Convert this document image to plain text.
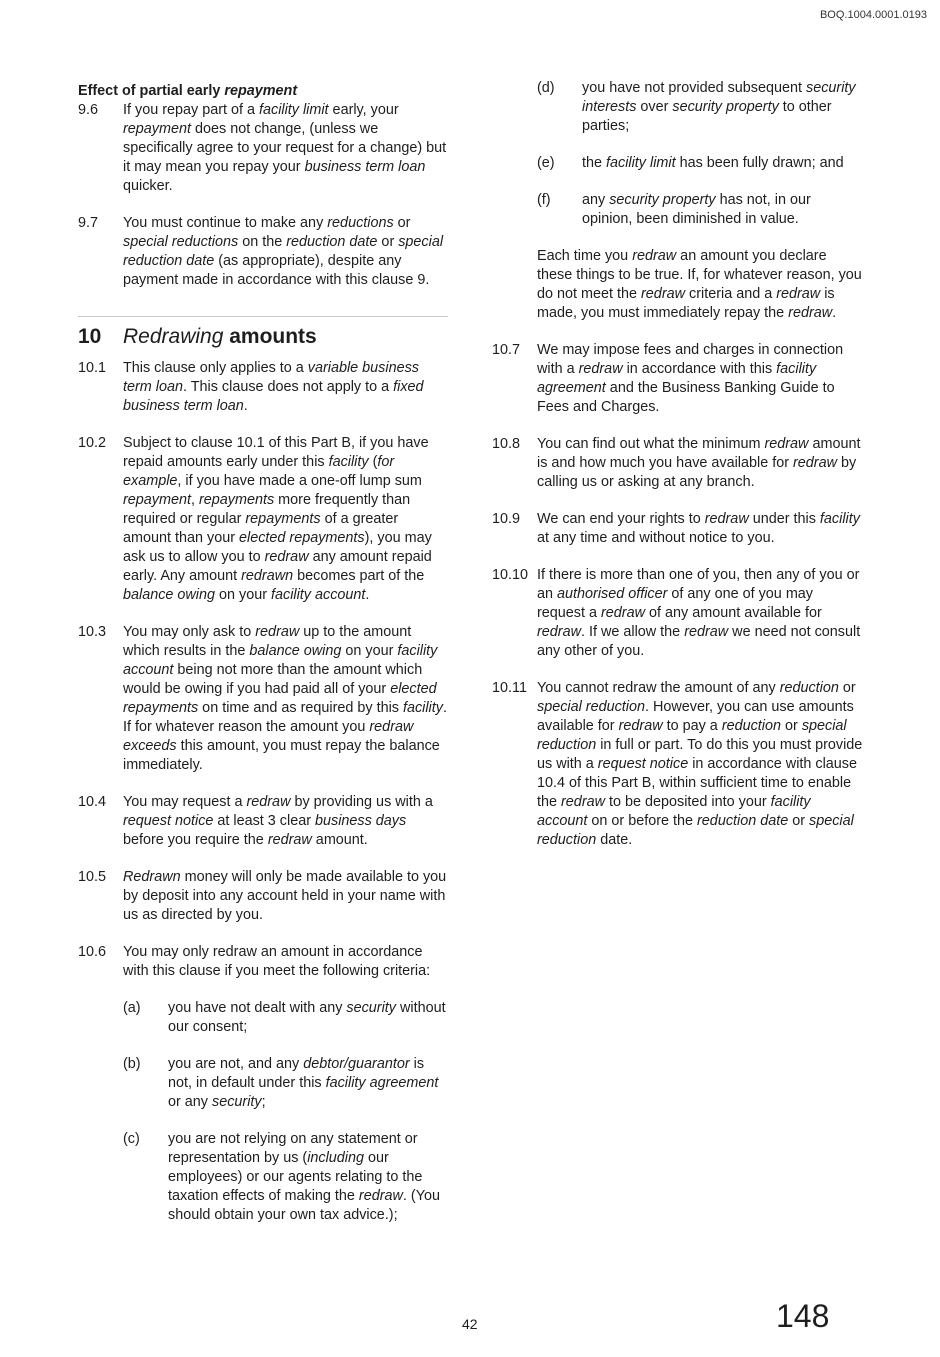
BOQ.1004.0001.0193

Effect of partial early repayment

9.6	If you repay part of a facility limit early, your repayment does not change, (unless we specifically agree to your request for a change) but it may mean you repay your business term loan quicker.
9.7	You must continue to make any reductions or special reductions on the reduction date or special reduction date (as appropriate), despite any payment made in accordance with this clause 9.
10	Redrawing amounts
10.1	This clause only applies to a variable business term loan. This clause does not apply to a fixed business term loan.
10.2	Subject to clause 10.1 of this Part B, if you have repaid amounts early under this facility (for example, if you have made a one-off lump sum repayment, repayments more frequently than required or regular repayments of a greater amount than your elected repayments), you may ask us to allow you to redraw any amount repaid early. Any amount redrawn becomes part of the balance owing on your facility account.
10.3	You may only ask to redraw up to the amount which results in the balance owing on your facility account being not more than the amount which would be owing if you had paid all of your elected repayments on time and as required by this facility. If for whatever reason the amount you redraw exceeds this amount, you must repay the balance immediately.
10.4	You may request a redraw by providing us with a request notice at least 3 clear business days before you require the redraw amount.
10.5	Redrawn money will only be made available to you by deposit into any account held in your name with us as directed by you.
10.6	You may only redraw an amount in accordance with this clause if you meet the following criteria:
(a)	you have not dealt with any security without our consent;
(b)	you are not, and any debtor/guarantor is not, in default under this facility agreement or any security;
(c)	you are not relying on any statement or representation by us (including our employees) or our agents relating to the taxation effects of making the redraw. (You should obtain your own tax advice.);
(d)	you have not provided subsequent security interests over security property to other parties;
(e)	the facility limit has been fully drawn; and
(f)	any security property has not, in our opinion, been diminished in value.
Each time you redraw an amount you declare these things to be true. If, for whatever reason, you do not meet the redraw criteria and a redraw is made, you must immediately repay the redraw.
10.7	We may impose fees and charges in connection with a redraw in accordance with this facility agreement and the Business Banking Guide to Fees and Charges.
10.8	You can find out what the minimum redraw amount is and how much you have available for redraw by calling us or asking at any branch.
10.9	We can end your rights to redraw under this facility at any time and without notice to you.
10.10 If there is more than one of you, then any of you or an authorised officer of any one of you may request a redraw of any amount available for redraw. If we allow the redraw we need not consult any other of you.
10.11 You cannot redraw the amount of any reduction or special reduction. However, you can use amounts available for redraw to pay a reduction or special reduction in full or part. To do this you must provide us with a request notice in accordance with clause 10.4 of this Part B, within sufficient time to enable the redraw to be deposited into your facility account on or before the reduction date or special reduction date.
42	148
